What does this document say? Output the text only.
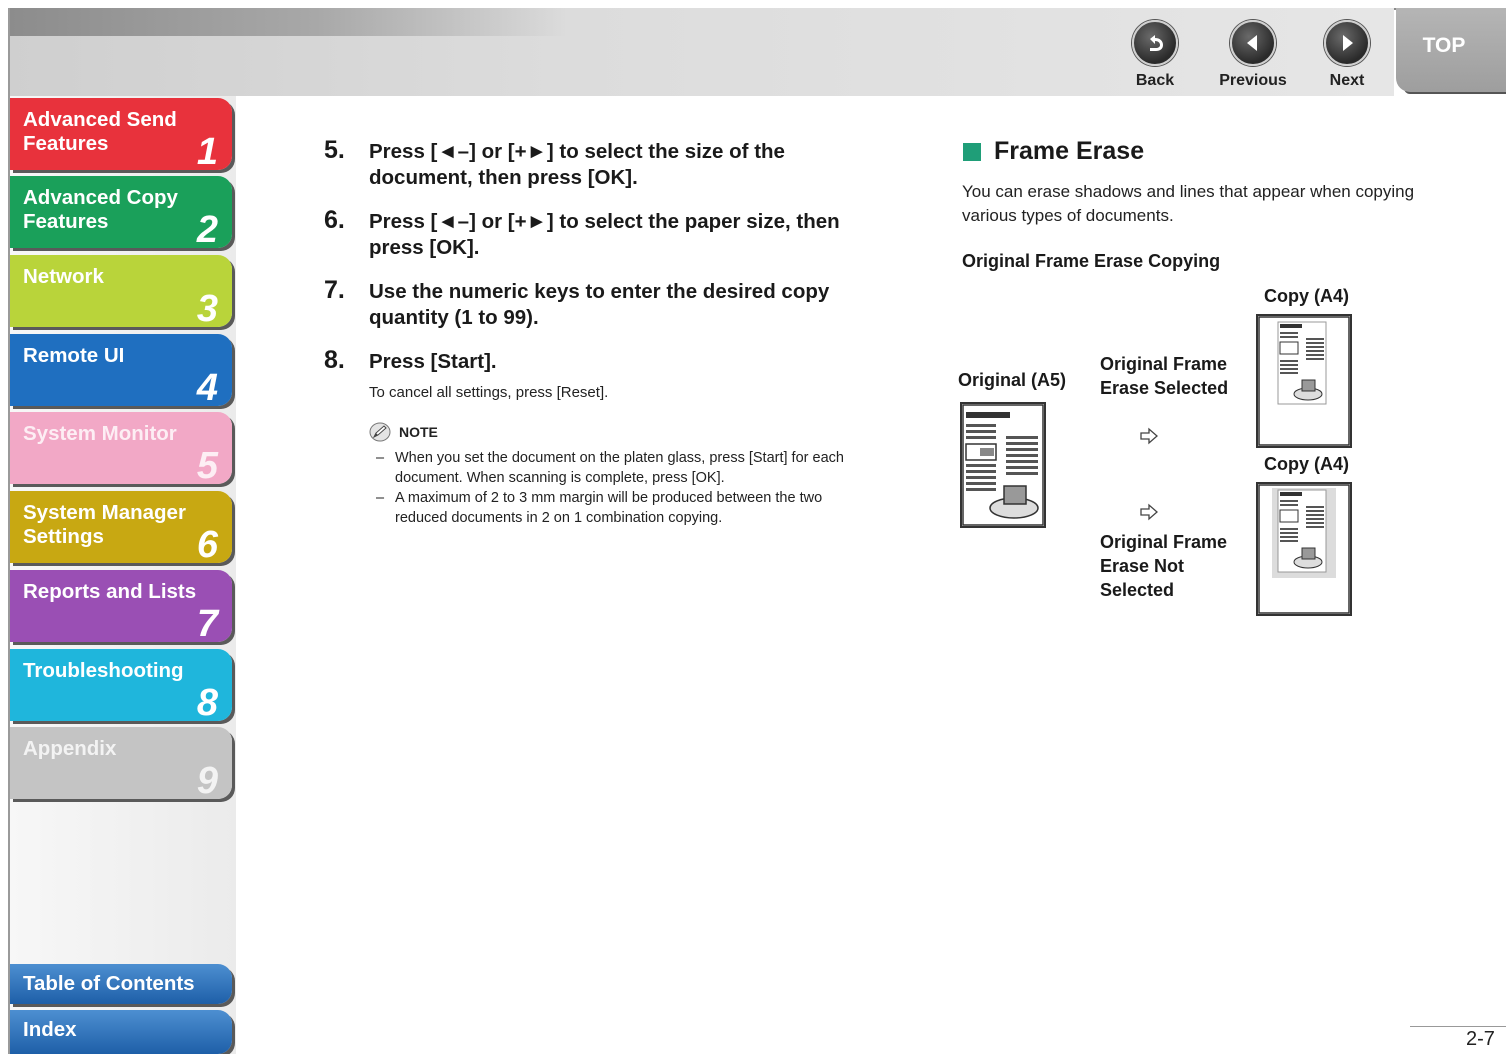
Back	Previous	Next
TOP
Advanced Send Features	1
Advanced Copy Features	2
Network
3
Remote UI
4
System Monitor
5
System Manager Settings	6
Reports and Lists
7
Troubleshooting
8
Appendix
9
Table of Contents
Index
5. Press [◄–] or [+►] to select the size of the document, then press [OK].
6. Press [◄–] or [+►] to select the paper size, then press [OK].
7. Use the numeric keys to enter the desired copy quantity (1 to 99).
8. Press [Start].
To cancel all settings, press [Reset].
NOTE
– When you set the document on the platen glass, press [Start] for each document. When scanning is complete, press [OK].
– A maximum of 2 to 3 mm margin will be produced between the two reduced documents in 2 on 1 combination copying.
Frame Erase
You can erase shadows and lines that appear when copying various types of documents.
Original Frame Erase Copying
Copy (A4)
Original (A5)
Original Frame Erase Selected
Copy (A4)
Original Frame Erase Not Selected
2-7
